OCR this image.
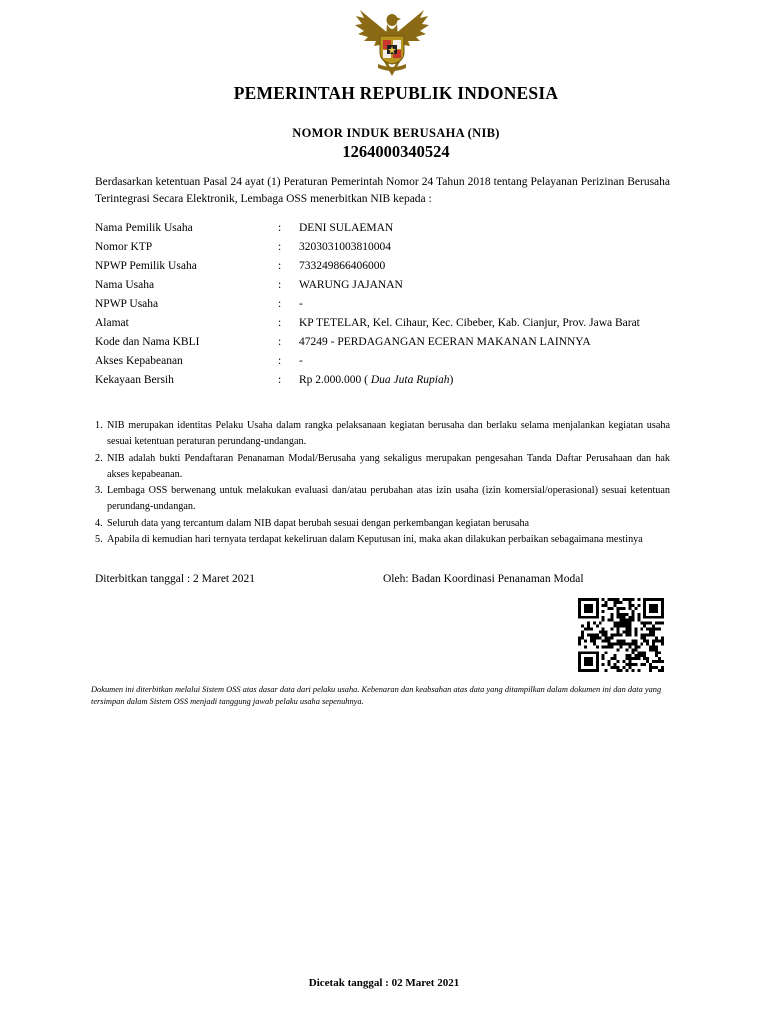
PEMERINTAH REPUBLIK INDONESIA
NOMOR INDUK BERUSAHA (NIB)
1264000340524
Berdasarkan ketentuan Pasal 24 ayat (1) Peraturan Pemerintah Nomor 24 Tahun 2018 tentang Pelayanan Perizinan Berusaha Terintegrasi Secara Elektronik, Lembaga OSS menerbitkan NIB kepada :
Nama Pemilik Usaha	:	DENI SULAEMAN
Nomor KTP	:	3203031003810004
NPWP Pemilik Usaha	:	733249866406000
Nama Usaha	:	WARUNG JAJANAN
NPWP Usaha	:	-
Alamat	:	KP TETELAR, Kel. Cihaur, Kec. Cibeber, Kab. Cianjur, Prov. Jawa Barat
Kode dan Nama KBLI	:	47249 - PERDAGANGAN ECERAN MAKANAN LAINNYA
Akses Kepabeanan	:	-
Kekayaan Bersih	:	Rp 2.000.000 ( Dua Juta Rupiah)
1. NIB merupakan identitas Pelaku Usaha dalam rangka pelaksanaan kegiatan berusaha dan berlaku selama menjalankan kegiatan usaha sesuai ketentuan peraturan perundang-undangan.
2. NIB adalah bukti Pendaftaran Penanaman Modal/Berusaha yang sekaligus merupakan pengesahan Tanda Daftar Perusahaan dan hak akses kepabeanan.
3. Lembaga OSS berwenang untuk melakukan evaluasi dan/atau perubahan atas izin usaha (izin komersial/operasional) sesuai ketentuan perundang-undangan.
4. Seluruh data yang tercantum dalam NIB dapat berubah sesuai dengan perkembangan kegiatan berusaha
5. Apabila di kemudian hari ternyata terdapat kekeliruan dalam Keputusan ini, maka akan dilakukan perbaikan sebagaimana mestinya
Diterbitkan tanggal : 2 Maret 2021	Oleh: Badan Koordinasi Penanaman Modal
Dokumen ini diterbitkan melalui Sistem OSS atas dasar data dari pelaku usaha. Kebenaran dan keabsahan atas data yang ditampilkan dalam dokumen ini dan data yang tersimpan dalam Sistem OSS menjadi tanggung jawab pelaku usaha sepenuhnya.
Dicetak tanggal : 02 Maret 2021
